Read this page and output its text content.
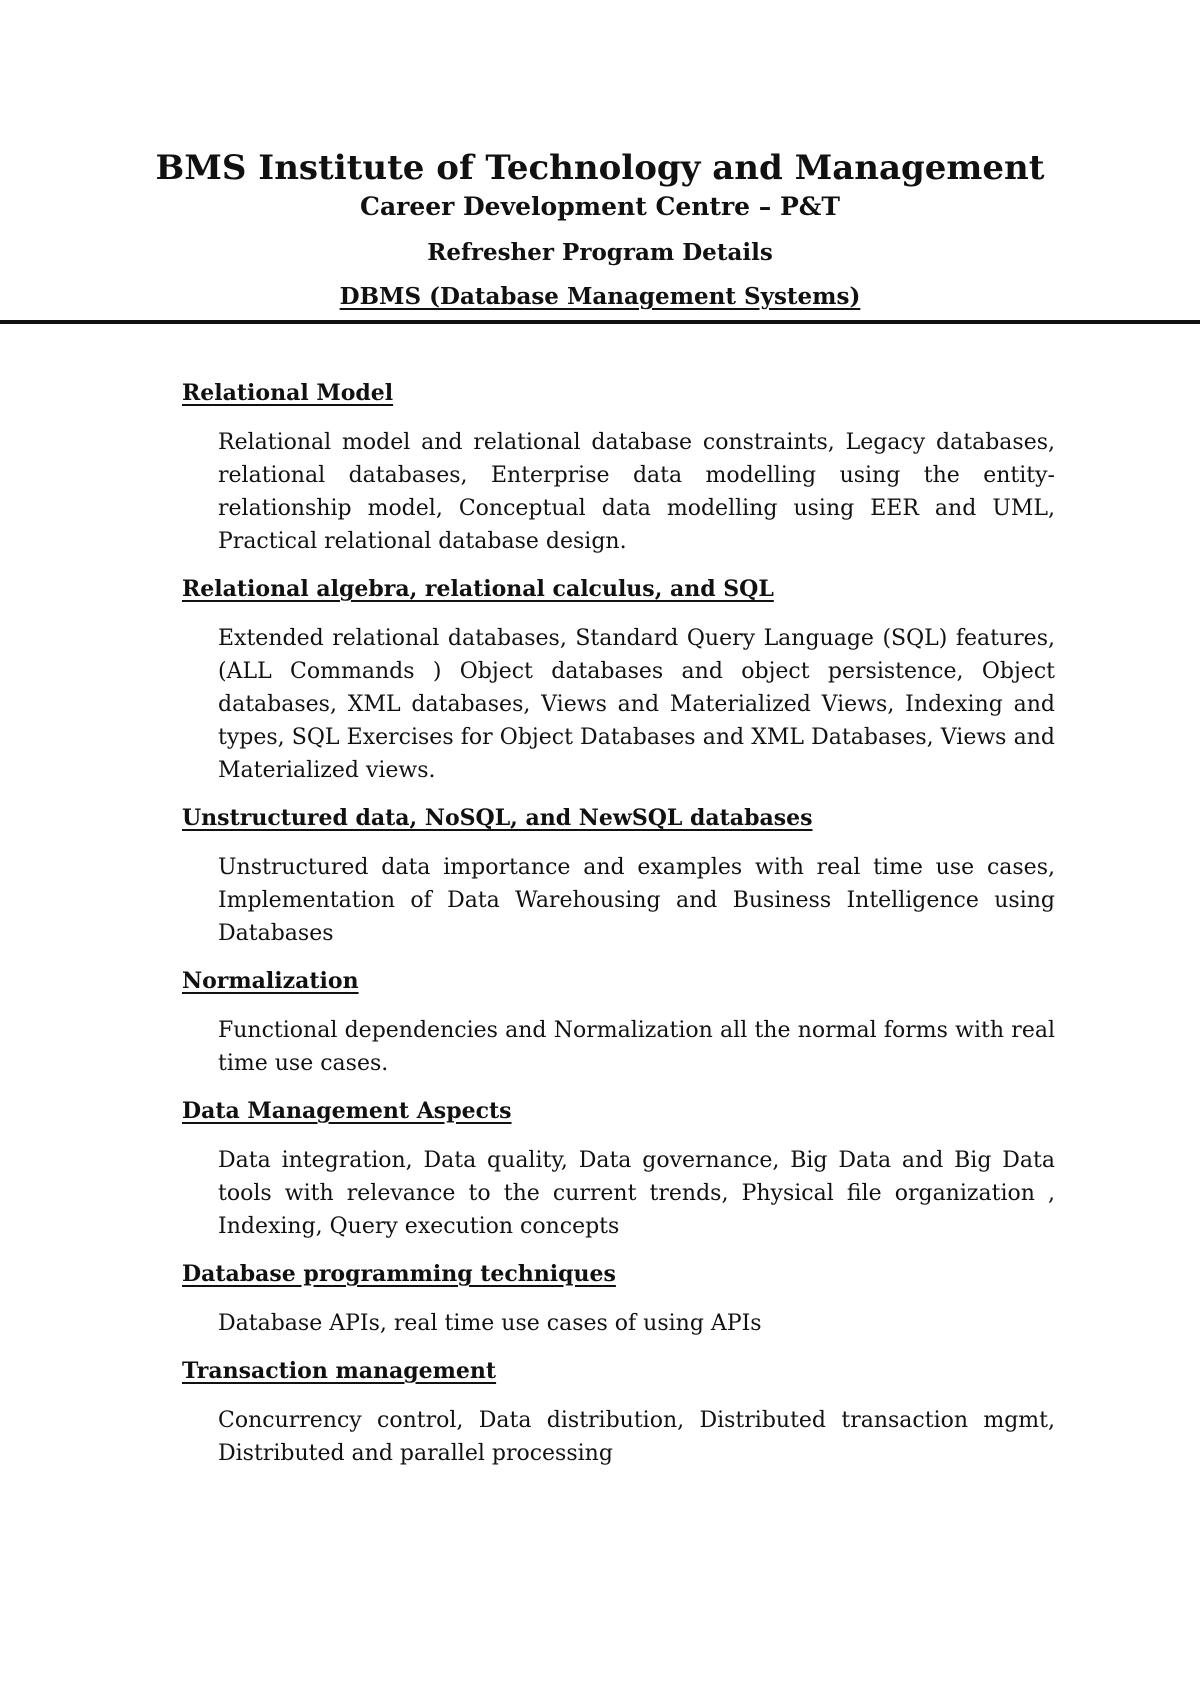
BMS Institute of Technology and Management

Career Development Centre – P&T

Refresher Program Details

DBMS (Database Management Systems)

Relational Model

Relational model and relational database constraints, Legacy databases, relational databases, Enterprise data modelling using the entity-relationship model, Conceptual data modelling using EER and UML, Practical relational database design.

Relational algebra, relational calculus, and SQL

Extended relational databases, Standard Query Language (SQL) features, (ALL Commands ) Object databases and object persistence, Object databases, XML databases, Views and Materialized Views, Indexing and types, SQL Exercises for Object Databases and XML Databases, Views and Materialized views.

Unstructured data, NoSQL, and NewSQL databases

Unstructured data importance and examples with real time use cases, Implementation of Data Warehousing and Business Intelligence using Databases

Normalization

Functional dependencies and Normalization all the normal forms with real time use cases.

Data Management Aspects

Data integration, Data quality, Data governance, Big Data and Big Data tools with relevance to the current trends, Physical file organization , Indexing, Query execution concepts

Database programming techniques

Database APIs, real time use cases of using APIs

Transaction management

Concurrency control, Data distribution, Distributed transaction mgmt, Distributed and parallel processing
